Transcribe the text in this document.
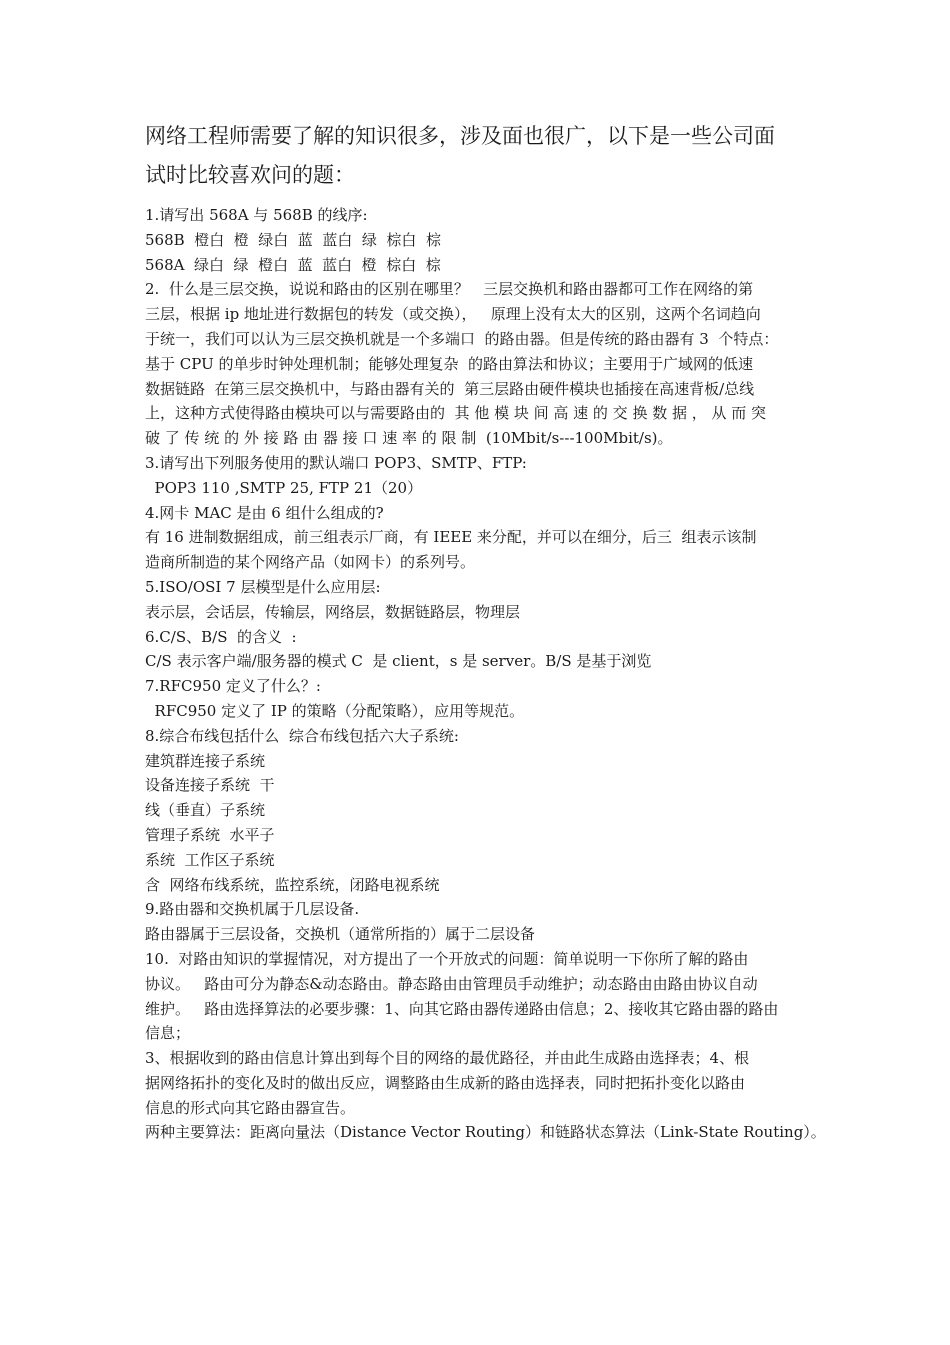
网络工程师需要了解的知识很多，涉及面也很广，以下是一些公司面
试时比较喜欢问的题：
1.请写出 568A 与 568B 的线序:
568B  橙白  橙  绿白  蓝  蓝白  绿  棕白  棕
568A  绿白  绿  橙白  蓝  蓝白  橙  棕白  棕
2.  什么是三层交换，说说和路由的区别在哪里？   三层交换机和路由器都可工作在网络的第
三层，根据 ip 地址进行数据包的转发（或交换），   原理上没有太大的区别，这两个名词趋向
于统一，我们可以认为三层交换机就是一个多端口  的路由器。但是传统的路由器有 3  个特点：
基于 CPU 的单步时钟处理机制；能够处理复杂  的路由算法和协议；主要用于广域网的低速
数据链路  在第三层交换机中，与路由器有关的  第三层路由硬件模块也插接在高速背板/总线
上，这种方式使得路由模块可以与需要路由的  其 他 模 块 间 高 速 的 交 换 数 据 ， 从 而 突
破 了 传 统 的 外 接 路 由 器 接 口 速 率 的 限 制  (10Mbit/s---100Mbit/s)。
3.请写出下列服务使用的默认端口 POP3、SMTP、FTP:
POP3 110 ,SMTP 25, FTP 21（20）
4.网卡 MAC 是由 6 组什么组成的?
有 16 进制数据组成，前三组表示厂商，有 IEEE 来分配，并可以在细分，后三  组表示该制
造商所制造的某个网络产品（如网卡）的系列号。
5.ISO/OSI 7 层模型是什么应用层:
表示层，会话层，传输层，网络层，数据链路层，物理层
6.C/S、B/S  的含义  :
C/S 表示客户端/服务器的模式 C  是 client，s 是 server。B/S 是基于浏览
7.RFC950 定义了什么？:
RFC950 定义了 IP 的策略（分配策略），应用等规范。
8.综合布线包括什么  综合布线包括六大子系统:
建筑群连接子系统
设备连接子系统  干
线（垂直）子系统
管理子系统  水平子
系统  工作区子系统
含  网络布线系统，监控系统，闭路电视系统
9.路由器和交换机属于几层设备.
路由器属于三层设备，交换机（通常所指的）属于二层设备
10.  对路由知识的掌握情况，对方提出了一个开放式的问题：简单说明一下你所了解的路由
协议。   路由可分为静态&动态路由。静态路由由管理员手动维护；动态路由由路由协议自动
维护。   路由选择算法的必要步骤：1、向其它路由器传递路由信息；2、接收其它路由器的路由
信息；
3、根据收到的路由信息计算出到每个目的网络的最优路径，并由此生成路由选择表；4、根
据网络拓扑的变化及时的做出反应，调整路由生成新的路由选择表，同时把拓扑变化以路由
信息的形式向其它路由器宣告。
两种主要算法：距离向量法（Distance Vector Routing）和链路状态算法（Link-State Routing）。
